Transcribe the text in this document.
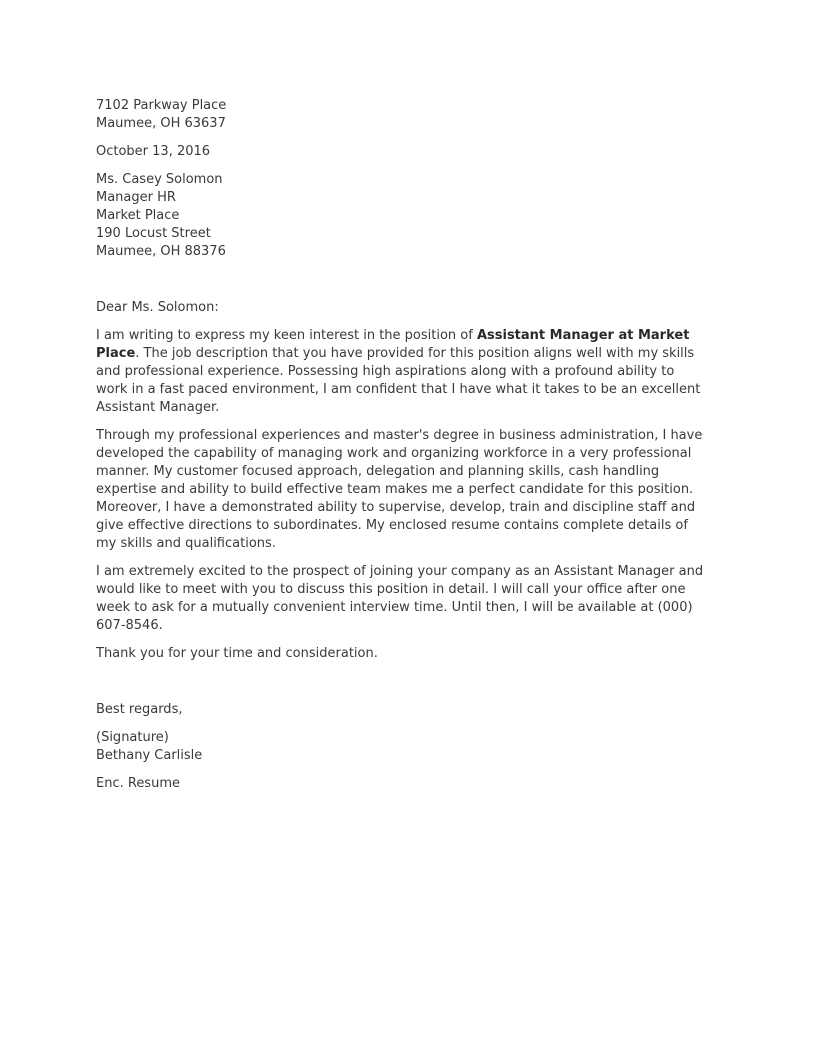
7102 Parkway Place
Maumee, OH 63637
October 13, 2016
Ms. Casey Solomon
Manager HR
Market Place
190 Locust Street
Maumee, OH 88376
Dear Ms. Solomon:

I am writing to express my keen interest in the position of Assistant Manager at Market Place. The job description that you have provided for this position aligns well with my skills and professional experience. Possessing high aspirations along with a profound ability to work in a fast paced environment, I am confident that I have what it takes to be an excellent Assistant Manager.

Through my professional experiences and master's degree in business administration, I have developed the capability of managing work and organizing workforce in a very professional manner. My customer focused approach, delegation and planning skills, cash handling expertise and ability to build effective team makes me a perfect candidate for this position. Moreover, I have a demonstrated ability to supervise, develop, train and discipline staff and give effective directions to subordinates. My enclosed resume contains complete details of my skills and qualifications.

I am extremely excited to the prospect of joining your company as an Assistant Manager and would like to meet with you to discuss this position in detail. I will call your office after one week to ask for a mutually convenient interview time. Until then, I will be available at (000) 607-8546.

Thank you for your time and consideration.

Best regards,
(Signature)
Bethany Carlisle
Enc. Resume
